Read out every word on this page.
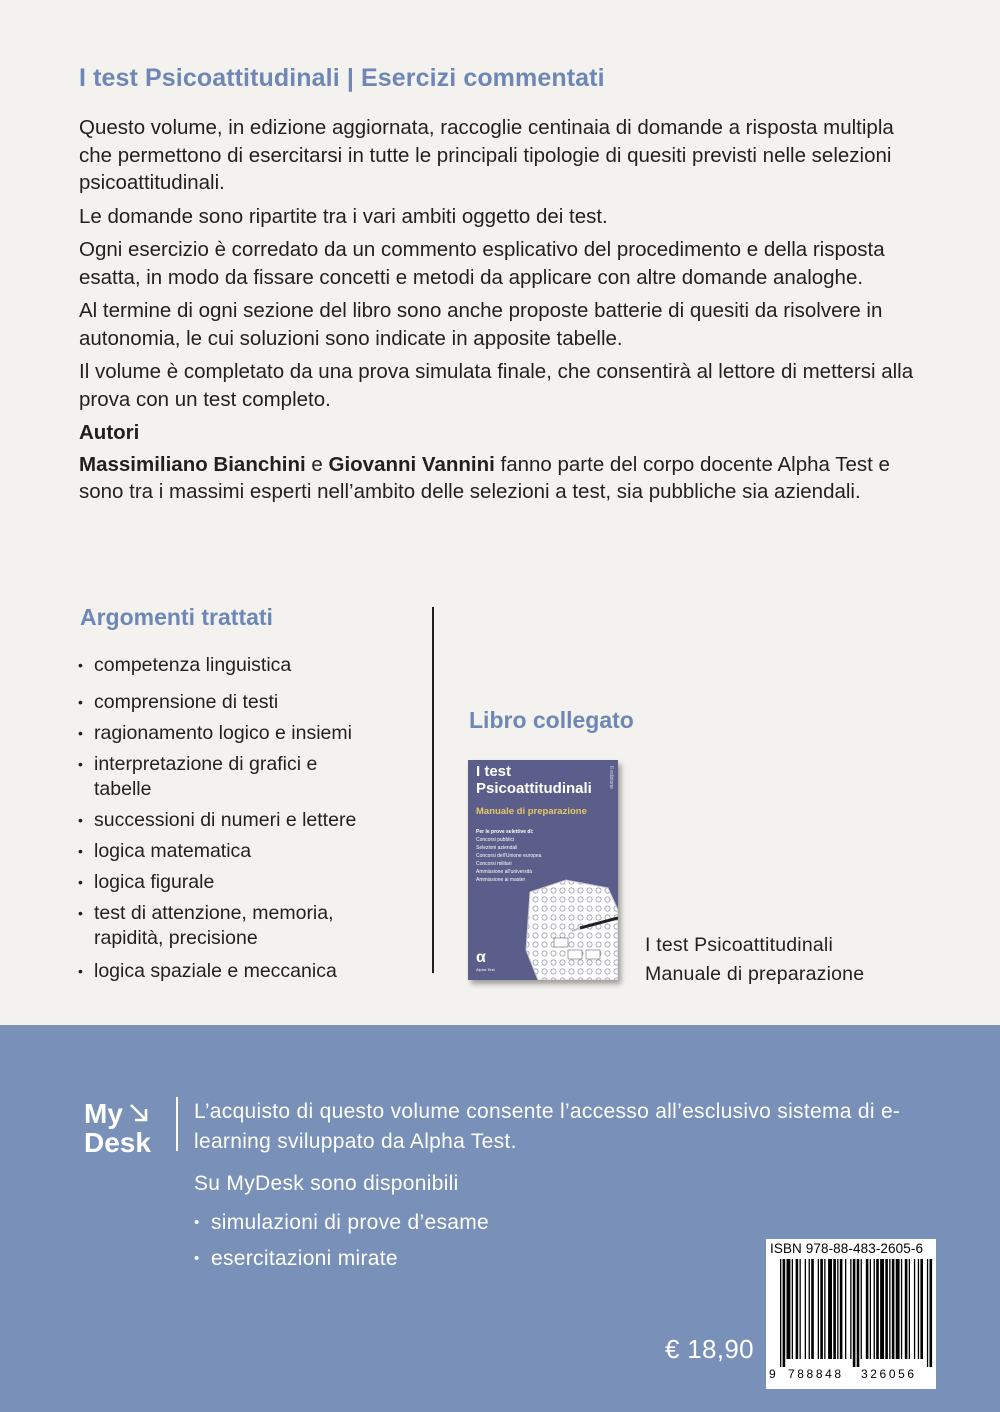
I test Psicoattitudinali | Esercizi commentati

Questo volume, in edizione aggiornata, raccoglie centinaia di domande a risposta multipla che permettono di esercitarsi in tutte le principali tipologie di quesiti previsti nelle selezioni psicoattitudinali.

Le domande sono ripartite tra i vari ambiti oggetto dei test.

Ogni esercizio è corredato da un commento esplicativo del procedimento e della risposta esatta, in modo da fissare concetti e metodi da applicare con altre domande analoghe.

Al termine di ogni sezione del libro sono anche proposte batterie di quesiti da risolvere in autonomia, le cui soluzioni sono indicate in apposite tabelle.

Il volume è completato da una prova simulata finale, che consentirà al lettore di mettersi alla prova con un test completo.

Autori
Massimiliano Bianchini e Giovanni Vannini fanno parte del corpo docente Alpha Test e sono tra i massimi esperti nell’ambito delle selezioni a test, sia pubbliche sia aziendali.
Argomenti trattati
• competenza linguistica
• comprensione di testi
• ragionamento logico e insiemi
• interpretazione di grafici e tabelle
• successioni di numeri e lettere
• logica matematica
• logica figurale
• test di attenzione, memoria, rapidità, precisione
• logica spaziale e meccanica
Libro collegato
I test
Psicoattitudinali	II edizione
Manuale di preparazione
Per le prove selettive di:
Concorsi pubblici
Selezioni aziendali
Concorsi dell'Unione europea
Concorsi militari
Ammissione all'università
Ammissione ai master
α
Alpha Test
I test Psicoattitudinali
Manuale di preparazione
My
Desk
L’acquisto di questo volume consente l’accesso all’esclusivo sistema di e-learning sviluppato da Alpha Test.
Su MyDesk sono disponibili
• simulazioni di prove d’esame
• esercitazioni mirate
€ 18,90
ISBN 978-88-483-2605-6
9 788848 326056
